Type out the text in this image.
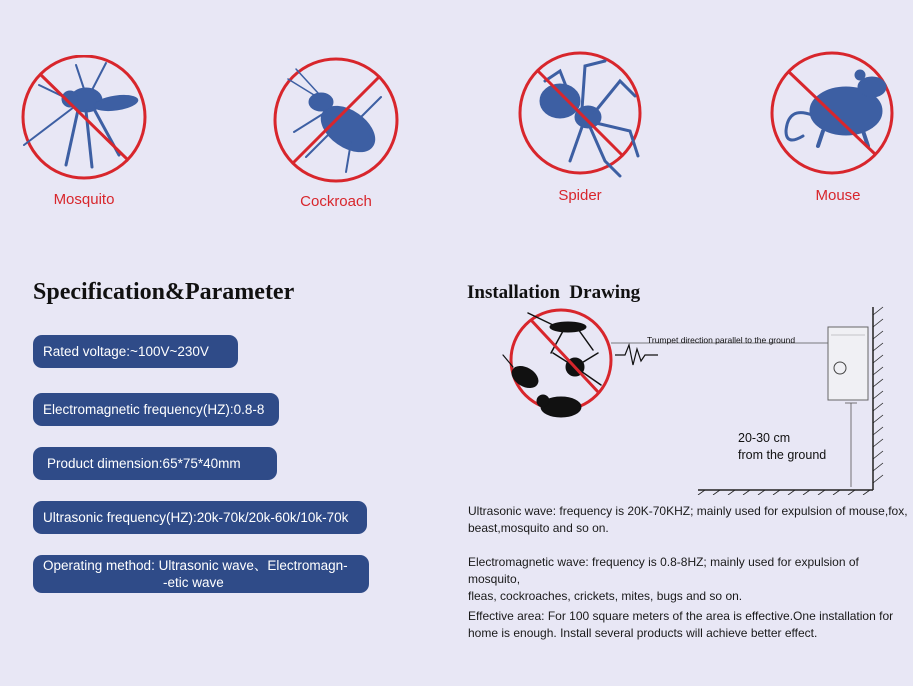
Mosquito	Cockroach	Spider	Mouse
Specification&Parameter
Rated voltage:~100V~230V
Electromagnetic frequency(HZ):0.8-8
Product dimension:65*75*40mm
Ultrasonic frequency(HZ):20k-70k/20k-60k/10k-70k
Operating method: Ultrasonic wave、Electromagn-
-etic wave
Installation  Drawing
Trumpet direction parallel to the ground
20-30 cm
from the ground
Ultrasonic wave: frequency is 20K-70KHZ; mainly used for expulsion of mouse,fox,
beast,mosquito and so on.
Electromagnetic wave: frequency is 0.8-8HZ; mainly used for expulsion of mosquito,
fleas, cockroaches, crickets, mites, bugs and so on.
Effective area: For 100 square meters of the area is effective.One installation for
home is enough. Install several products will achieve better effect.
